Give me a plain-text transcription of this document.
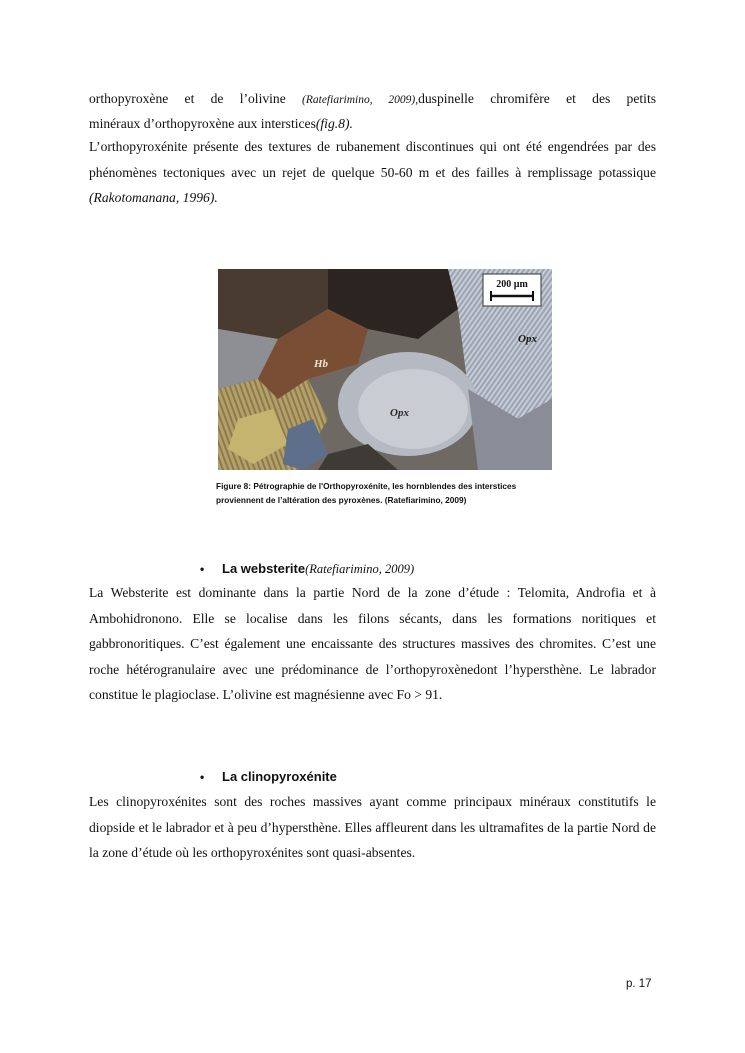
orthopyroxène et de l’olivine (Ratefiarimino, 2009),duspinelle chromifère et des petits

minéraux d’orthopyroxène aux interstices(fig.8).

L’orthopyroxénite présente des textures de rubanement discontinues qui ont été engendrées par des phénomènes tectoniques avec un rejet de quelque 50-60 m et des failles à remplissage potassique (Rakotomanana, 1996).

200 µm
Hb
Opx
Opx

Figure 8: Pétrographie de l'Orthopyroxénite, les hornblendes des interstices
proviennent de l’altération des pyroxènes. (Ratefiarimino, 2009)

•	La websterite (Ratefiarimino, 2009)

La Websterite est dominante dans la partie Nord de la zone d’étude : Telomita, Androfia et à Ambohidronono. Elle se localise dans les filons sécants, dans les formations noritiques et gabbronoritiques. C’est également une encaissante des structures massives des chromites. C’est une roche hétérogranulaire avec une prédominance de l’orthopyroxènedont l’hypersthène. Le labrador constitue le plagioclase. L’olivine est magnésienne avec Fo > 91.

•	La clinopyroxénite

Les clinopyroxénites sont des roches massives ayant comme principaux minéraux constitutifs le diopside et le labrador et à peu d’hypersthène. Elles affleurent dans les ultramafites de la partie Nord de la zone d’étude où les orthopyroxénites sont quasi-absentes.

p. 17
